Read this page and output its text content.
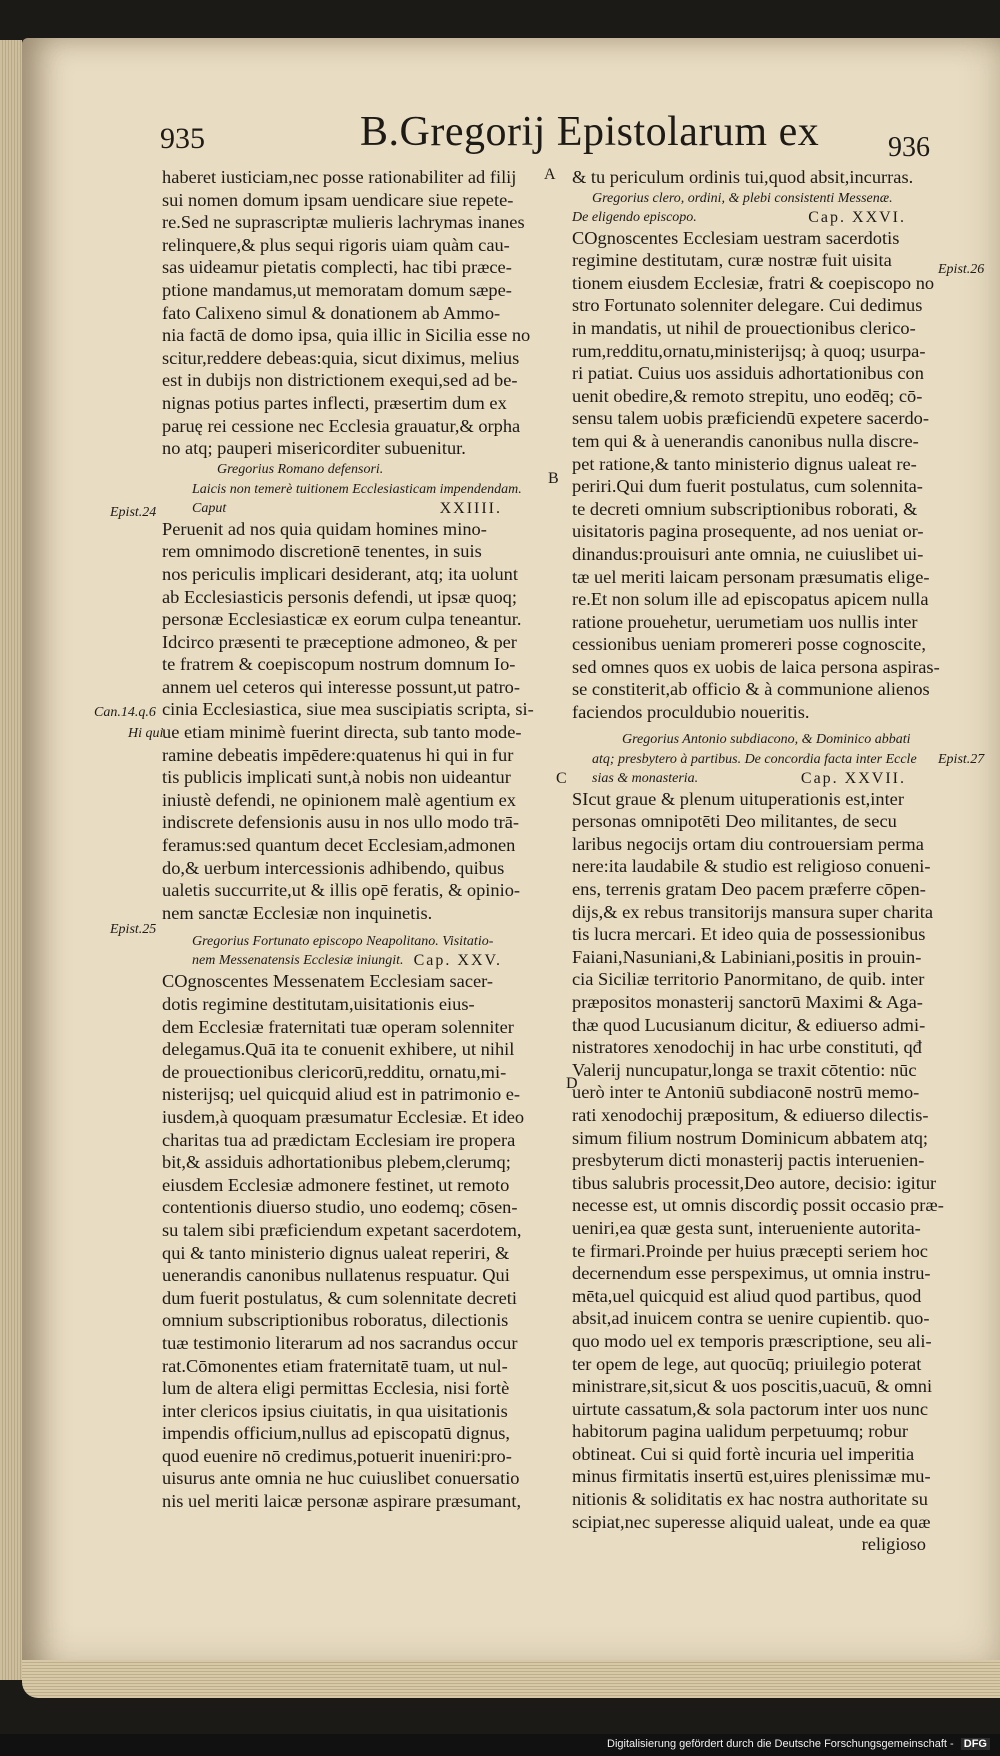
935	B.Gregorij Epistolarum ex 936
A
B
C
D
Epist.24
Can.14.q.6
Hi qui
Epist.25
Epist.26
Epist.27

haberet iusticiam,nec posse rationabiliter ad filij

sui nomen domum ipsam uendicare siue repete-

re.Sed ne suprascriptæ mulieris lachrymas inanes

relinquere,& plus sequi rigoris uiam quàm cau-

sas uideamur pietatis complecti, hac tibi præce-

ptione mandamus,ut memoratam domum sæpe-

fato Calixeno simul & donationem ab Ammo-

nia factā de domo ipsa, quia illic in Sicilia esse no

scitur,reddere debeas:quia, sicut diximus, melius

est in dubijs non districtionem exequi,sed ad be-

nignas potius partes inflecti, præsertim dum ex

paruę rei cessione nec Ecclesia grauatur,& orpha

no atq; pauperi misericorditer subuenitur.

Gregorius Romano defensori.

Laicis non temerè tuitionem Ecclesiasticam impendendam.

Caput	XXIIII.

Peruenit ad nos quia quidam homines mino-

rem omnimodo discretionē tenentes, in suis

nos periculis implicari desiderant, atq; ita uolunt

ab Ecclesiasticis personis defendi, ut ipsæ quoq;

personæ Ecclesiasticæ ex eorum culpa teneantur.

Idcirco præsenti te præceptione admoneo, & per

te fratrem & coepiscopum nostrum domnum Io-

annem uel ceteros qui interesse possunt,ut patro-

cinia Ecclesiastica, siue mea suscipiatis scripta, si-

ue etiam minimè fuerint directa, sub tanto mode-

ramine debeatis impēdere:quatenus hi qui in fur

tis publicis implicati sunt,à nobis non uideantur

iniustè defendi, ne opinionem malè agentium ex

indiscrete defensionis ausu in nos ullo modo trā-

feramus:sed quantum decet Ecclesiam,admonen

do,& uerbum intercessionis adhibendo, quibus

ualetis succurrite,ut & illis opē feratis, & opinio-

nem sanctæ Ecclesiæ non inquinetis.

Gregorius Fortunato episcopo Neapolitano. Visitatio-

nem Messenatensis Ecclesiæ iniungit. Cap. XXV.

COgnoscentes Messenatem Ecclesiam sacer-

dotis regimine destitutam,uisitationis eius-

dem Ecclesiæ fraternitati tuæ operam solenniter

delegamus.Quā ita te conuenit exhibere, ut nihil

de prouectionibus clericorū,redditu, ornatu,mi-

nisterijsq; uel quicquid aliud est in patrimonio e-

iusdem,à quoquam præsumatur Ecclesiæ. Et ideo

charitas tua ad prædictam Ecclesiam ire propera

bit,& assiduis adhortationibus plebem,clerumq;

eiusdem Ecclesiæ admonere festinet, ut remoto

contentionis diuerso studio, uno eodemq; cōsen-

su talem sibi præficiendum expetant sacerdotem,

qui & tanto ministerio dignus ualeat reperiri, &

uenerandis canonibus nullatenus respuatur. Qui

dum fuerit postulatus, & cum solennitate decreti

omnium subscriptionibus roboratus, dilectionis

tuæ testimonio literarum ad nos sacrandus occur

rat.Cōmonentes etiam fraternitatē tuam, ut nul-

lum de altera eligi permittas Ecclesia, nisi fortè

inter clericos ipsius ciuitatis, in qua uisitationis

impendis officium,nullus ad episcopatū dignus,

quod euenire nō credimus,potuerit inueniri:pro-

uisurus ante omnia ne huc cuiuslibet conuersatio

nis uel meriti laicæ personæ aspirare præsumant,

& tu periculum ordinis tui,quod absit,incurras.

Gregorius clero, ordini, & plebi consistenti Messenæ.

De eligendo episcopo.	Cap. XXVI.

COgnoscentes Ecclesiam uestram sacerdotis

regimine destitutam, curæ nostræ fuit uisita

tionem eiusdem Ecclesiæ, fratri & coepiscopo no

stro Fortunato solenniter delegare. Cui dedimus

in mandatis, ut nihil de prouectionibus clerico-

rum,redditu,ornatu,ministerijsq; à quoq; usurpa-

ri patiat. Cuius uos assiduis adhortationibus con

uenit obedire,& remoto strepitu, uno eodēq; cō-

sensu talem uobis præficiendū expetere sacerdo-

tem qui & à uenerandis canonibus nulla discre-

pet ratione,& tanto ministerio dignus ualeat re-

periri.Qui dum fuerit postulatus, cum solennita-

te decreti omnium subscriptionibus roborati, &

uisitatoris pagina prosequente, ad nos ueniat or-

dinandus:prouisuri ante omnia, ne cuiuslibet ui-

tæ uel meriti laicam personam præsumatis elige-

re.Et non solum ille ad episcopatus apicem nulla

ratione prouehetur, uerumetiam uos nullis inter

cessionibus ueniam promereri posse cognoscite,

sed omnes quos ex uobis de laica persona aspiras-

se constiterit,ab officio & à communione alienos

faciendos proculdubio noueritis.

Gregorius Antonio subdiacono, & Dominico abbati

atq; presbytero à partibus. De concordia facta inter Eccle

sias & monasteria.	Cap. XXVII.

SIcut graue & plenum uituperationis est,inter

personas omnipotēti Deo militantes, de secu

laribus negocijs ortam diu controuersiam perma

nere:ita laudabile & studio est religioso conueni-

ens, terrenis gratam Deo pacem præferre cōpen-

dijs,& ex rebus transitorijs mansura super charita

tis lucra mercari. Et ideo quia de possessionibus

Faiani,Nasuniani,& Labiniani,positis in prouin-

cia Siciliæ territorio Panormitano, de quib. inter

præpositos monasterij sanctorū Maximi & Aga-

thæ quod Lucusianum dicitur, & ediuerso admi-

nistratores xenodochij in hac urbe constituti, qđ

Valerij nuncupatur,longa se traxit cōtentio: nūc

uerò inter te Antoniū subdiaconē nostrū memo-

rati xenodochij præpositum, & ediuerso dilectis-

simum filium nostrum Dominicum abbatem atq;

presbyterum dicti monasterij pactis interuenien-

tibus salubris processit,Deo autore, decisio: igitur

necesse est, ut omnis discordiç possit occasio præ-

ueniri,ea quæ gesta sunt, interueniente autorita-

te firmari.Proinde per huius præcepti seriem hoc

decernendum esse perspeximus, ut omnia instru-

mēta,uel quicquid est aliud quod partibus, quod

absit,ad inuicem contra se uenire cupientib. quo-

quo modo uel ex temporis præscriptione, seu ali-

ter opem de lege, aut quocūq; priuilegio poterat

ministrare,sit,sicut & uos poscitis,uacuū, & omni

uirtute cassatum,& sola pactorum inter uos nunc

habitorum pagina ualidum perpetuumq; robur

obtineat. Cui si quid fortè incuria uel imperitia

minus firmitatis insertū est,uires plenissimæ mu-

nitionis & soliditatis ex hac nostra authoritate su

scipiat,nec superesse aliquid ualeat, unde ea quæ

religioso

Digitalisierung gefördert durch die Deutsche Forschungsgemeinschaft - DFG
